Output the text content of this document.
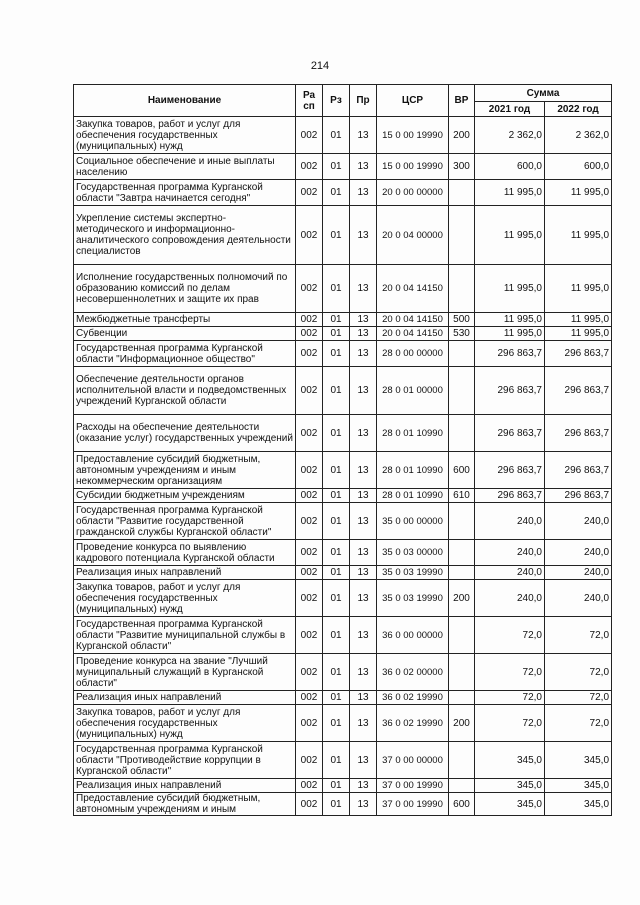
214
Наименование	Ра сп	Рз	Пр	ЦСР	ВР	Сумма	
						2021 год	2022 год
Закупка товаров, работ и услуг для обеспечения государственных (муниципальных) нужд	002	01	13	15 0 00 19990	200	2 362,0	2 362,0
Социальное обеспечение и иные выплаты населению	002	01	13	15 0 00 19990	300	600,0	600,0
Государственная программа Курганской области "Завтра начинается сегодня"	002	01	13	20 0 00 00000		11 995,0	11 995,0
Укрепление системы экспертно-методического и информационно-аналитического сопровождения деятельности специалистов	002	01	13	20 0 04 00000		11 995,0	11 995,0
Исполнение государственных полномочий по образованию комиссий по делам несовершеннолетних и защите их прав	002	01	13	20 0 04 14150		11 995,0	11 995,0
Межбюджетные трансферты	002	01	13	20 0 04 14150	500	11 995,0	11 995,0
Субвенции	002	01	13	20 0 04 14150	530	11 995,0	11 995,0
Государственная программа Курганской области "Информационное общество"	002	01	13	28 0 00 00000		296 863,7	296 863,7
Обеспечение деятельности органов исполнительной власти и подведомственных учреждений Курганской области	002	01	13	28 0 01 00000		296 863,7	296 863,7
Расходы на обеспечение деятельности (оказание услуг) государственных учреждений	002	01	13	28 0 01 10990		296 863,7	296 863,7
Предоставление субсидий бюджетным, автономным учреждениям и иным некоммерческим организациям	002	01	13	28 0 01 10990	600	296 863,7	296 863,7
Субсидии бюджетным учреждениям	002	01	13	28 0 01 10990	610	296 863,7	296 863,7
Государственная программа Курганской области "Развитие государственной гражданской службы Курганской области"	002	01	13	35 0 00 00000		240,0	240,0
Проведение конкурса по выявлению кадрового потенциала Курганской области	002	01	13	35 0 03 00000		240,0	240,0
Реализация иных направлений	002	01	13	35 0 03 19990		240,0	240,0
Закупка товаров, работ и услуг для обеспечения государственных (муниципальных) нужд	002	01	13	35 0 03 19990	200	240,0	240,0
Государственная программа Курганской области "Развитие муниципальной службы в Курганской области"	002	01	13	36 0 00 00000		72,0	72,0
Проведение конкурса на звание "Лучший муниципальный служащий в Курганской области"	002	01	13	36 0 02 00000		72,0	72,0
Реализация иных направлений	002	01	13	36 0 02 19990		72,0	72,0
Закупка товаров, работ и услуг для обеспечения государственных (муниципальных) нужд	002	01	13	36 0 02 19990	200	72,0	72,0
Государственная программа Курганской области "Противодействие коррупции в Курганской области"	002	01	13	37 0 00 00000		345,0	345,0
Реализация иных направлений	002	01	13	37 0 00 19990		345,0	345,0
Предоставление субсидий бюджетным, автономным учреждениям и иным	002	01	13	37 0 00 19990	600	345,0	345,0
